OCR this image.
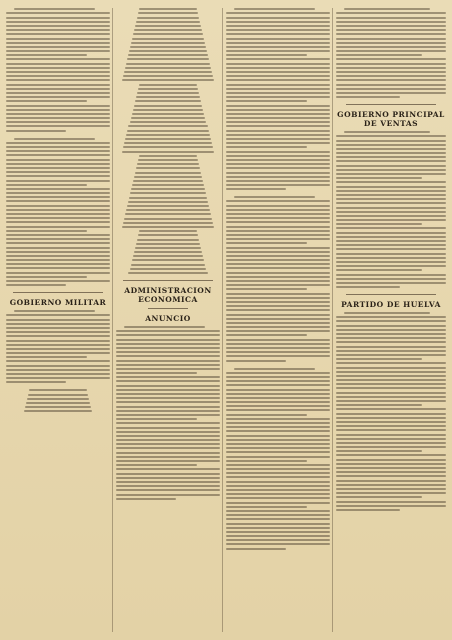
GOBIERNO MILITAR
ADMINISTRACION ECONOMICA
ANUNCIO
GOBIERNO PRINCIPAL DE VENTAS
PARTIDO DE HUELVA
